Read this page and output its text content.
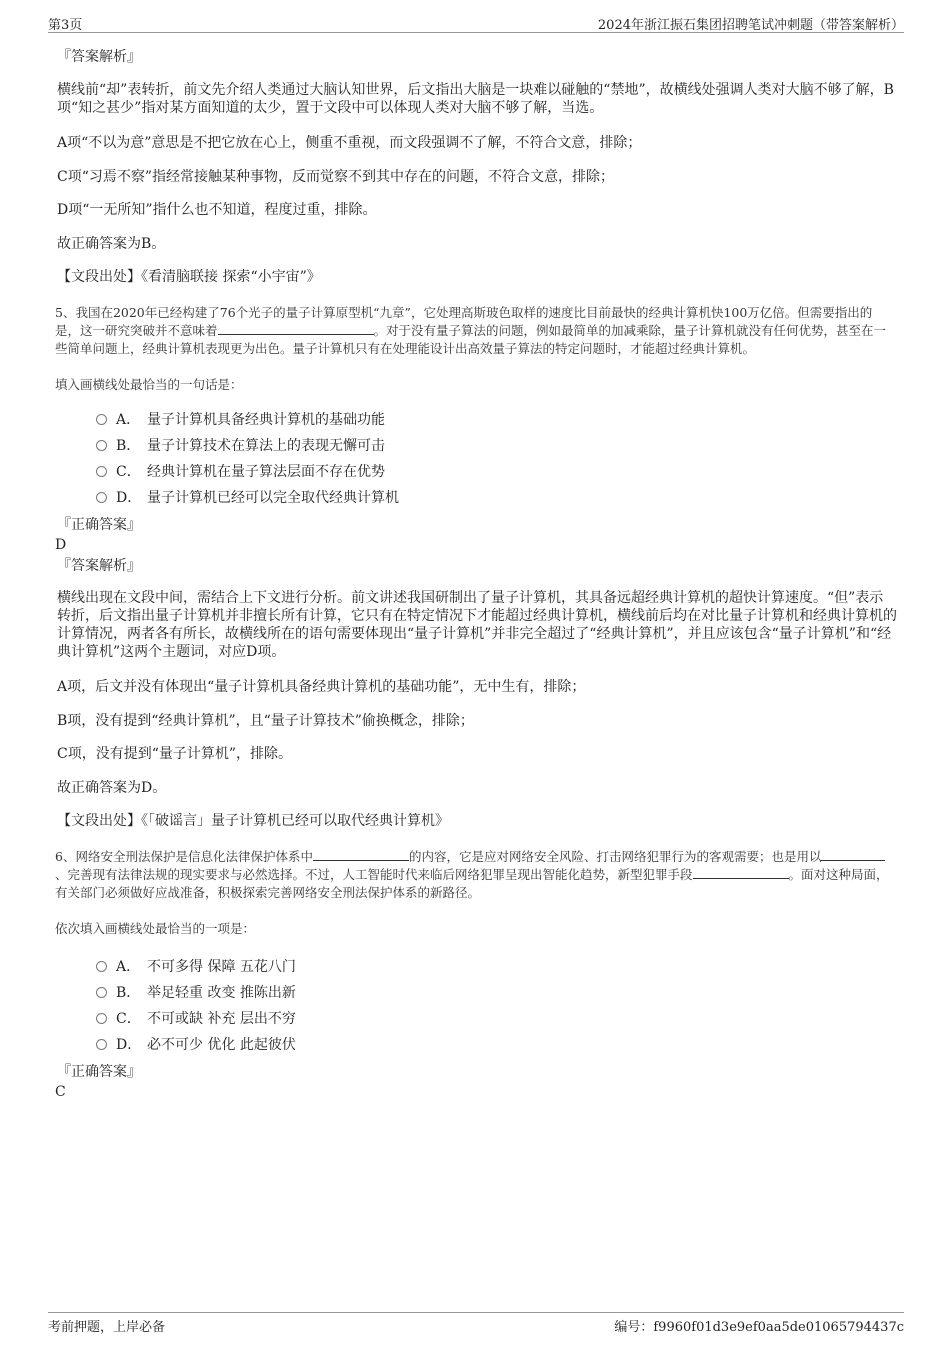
第3页	2024年浙江振石集团招聘笔试冲刺题（带答案解析）
『答案解析』
横线前“却”表转折，前文先介绍人类通过大脑认知世界，后文指出大脑是一块难以碰触的“禁地”，故横线处强调人类对大脑不够了解，B项“知之甚少”指对某方面知道的太少，置于文段中可以体现人类对大脑不够了解，当选。
A项“不以为意”意思是不把它放在心上，侧重不重视，而文段强调不了解，不符合文意，排除；
C项“习焉不察”指经常接触某种事物，反而觉察不到其中存在的问题，不符合文意，排除；
D项“一无所知”指什么也不知道，程度过重，排除。
故正确答案为B。
【文段出处】《看清脑联接 探索“小宇宙”》
5、我国在2020年已经构建了76个光子的量子计算原型机“九章”，它处理高斯玻色取样的速度比目前最快的经典计算机快100万亿倍。但需要指出的是，这一研究突破并不意味着	。对于没有量子算法的问题，例如最简单的加减乘除，量子计算机就没有任何优势，甚至在一些简单问题上，经典计算机表现更为出色。量子计算机只有在处理能设计出高效量子算法的特定问题时，才能超过经典计算机。
填入画横线处最恰当的一句话是：
A． 量子计算机具备经典计算机的基础功能
B． 量子计算技术在算法上的表现无懈可击
C． 经典计算机在量子算法层面不存在优势
D． 量子计算机已经可以完全取代经典计算机
『正确答案』
D
『答案解析』
横线出现在文段中间，需结合上下文进行分析。前文讲述我国研制出了量子计算机，其具备远超经典计算机的超快计算速度。“但”表示转折，后文指出量子计算机并非擅长所有计算，它只有在特定情况下才能超过经典计算机，横线前后均在对比量子计算机和经典计算机的计算情况，两者各有所长，故横线所在的语句需要体现出“量子计算机”并非完全超过了“经典计算机”，并且应该包含“量子计算机”和“经典计算机”这两个主题词，对应D项。
A项，后文并没有体现出“量子计算机具备经典计算机的基础功能”，无中生有，排除；
B项，没有提到“经典计算机”，且“量子计算技术”偷换概念，排除；
C项，没有提到“量子计算机”，排除。
故正确答案为D。
【文段出处】《「破谣言」量子计算机已经可以取代经典计算机》
6、网络安全刑法保护是信息化法律保护体系中	的内容，它是应对网络安全风险、打击网络犯罪行为的客观需要；也是用以、完善现有法律法规的现实要求与必然选择。不过，人工智能时代来临后网络犯罪呈现出智能化趋势，新型犯罪手段	。面对这种局面，有关部门必须做好应战准备，积极探索完善网络安全刑法保护体系的新路径。
依次填入画横线处最恰当的一项是：
A． 不可多得 保障 五花八门
B． 举足轻重 改变 推陈出新
C． 不可或缺 补充 层出不穷
D． 必不可少 优化 此起彼伏
『正确答案』
C
考前押题，上岸必备	编号：f9960f01d3e9ef0aa5de01065794437c
